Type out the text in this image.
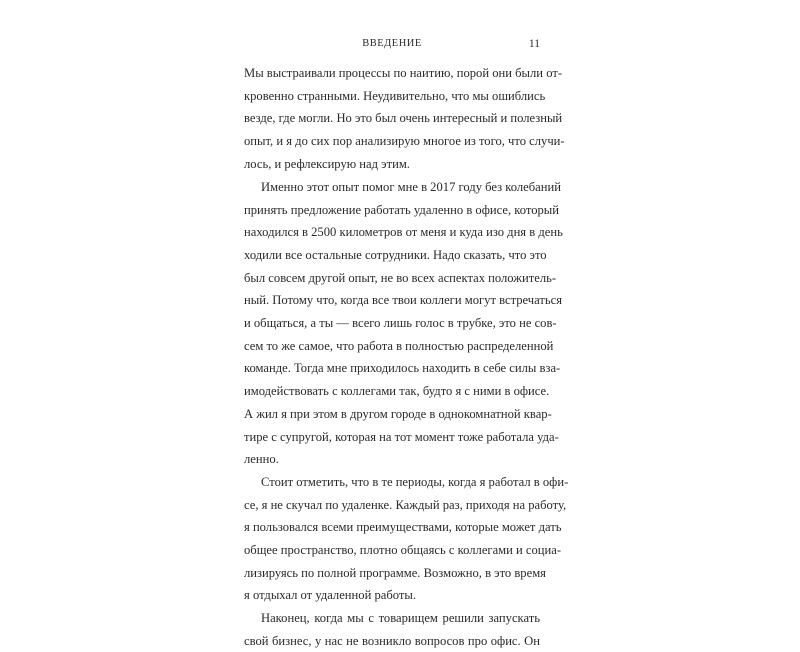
ВВЕДЕНИЕ	11

Мы выстраивали процессы по наитию, порой они были от-
кровенно странными. Неудивительно, что мы ошиблись
везде, где могли. Но это был очень интересный и полезный
опыт, и я до сих пор анализирую многое из того, что случи-
лось, и рефлексирую над этим.

Именно этот опыт помог мне в 2017 году без колебаний
принять предложение работать удаленно в офисе, который
находился в 2500 километров от меня и куда изо дня в день
ходили все остальные сотрудники. Надо сказать, что это
был совсем другой опыт, не во всех аспектах положитель-
ный. Потому что, когда все твои коллеги могут встречаться
и общаться, а ты — всего лишь голос в трубке, это не сов-
сем то же самое, что работа в полностью распределенной
команде. Тогда мне приходилось находить в себе силы вза-
имодействовать с коллегами так, будто я с ними в офисе.
А жил я при этом в другом городе в однокомнатной квар-
тире с супругой, которая на тот момент тоже работала уда-
ленно.

Стоит отметить, что в те периоды, когда я работал в офи-
се, я не скучал по удаленке. Каждый раз, приходя на работу,
я пользовался всеми преимуществами, которые может дать
общее пространство, плотно общаясь с коллегами и социа-
лизируясь по полной программе. Возможно, в это время
я отдыхал от удаленной работы.

Наконец, когда мы с товарищем решили запускать
свой бизнес, у нас не возникло вопросов про офис. Он
